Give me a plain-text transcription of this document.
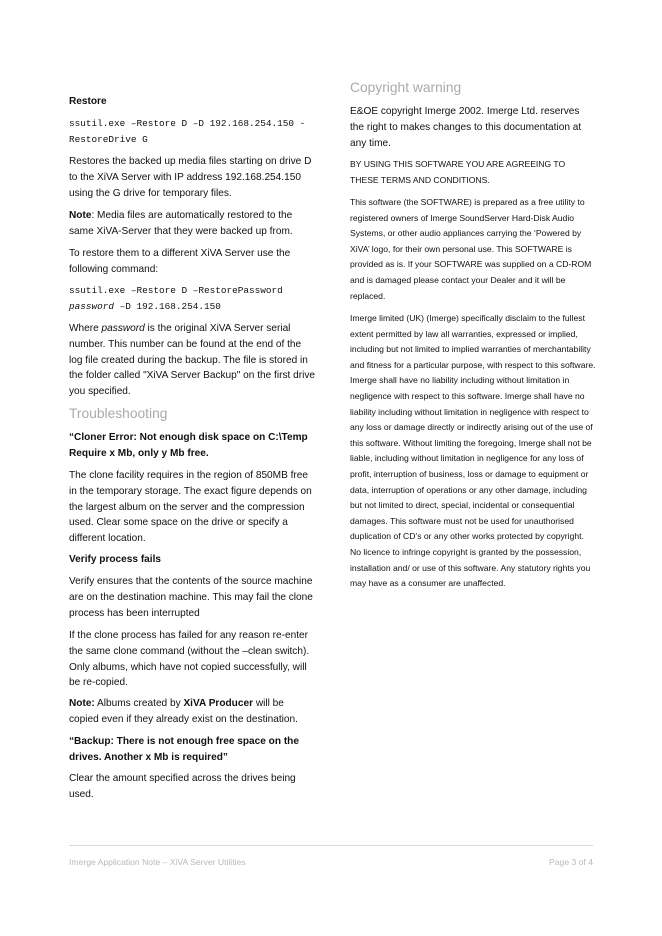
Restore
ssutil.exe –Restore D –D 192.168.254.150 -RestoreDrive G
Restores the backed up media files starting on drive D to the XiVA Server with IP address 192.168.254.150 using the G drive for temporary files.
Note: Media files are automatically restored to the same XiVA-Server that they were backed up from.
To restore them to a different XiVA Server use the following command:
ssutil.exe –Restore D –RestorePassword
password –D 192.168.254.150
Where password is the original XiVA Server serial number. This number can be found at the end of the log file created during the backup. The file is stored in the folder called "XiVA Server Backup" on the first drive you specified.
Troubleshooting
“Cloner Error: Not enough disk space on C:\Temp Require x Mb, only y Mb free.
The clone facility requires in the region of 850MB free in the temporary storage. The exact figure depends on the largest album on the server and the compression used. Clear some space on the drive or specify a different location.
Verify process fails
Verify ensures that the contents of the source machine are on the destination machine. This may fail the clone process has been interrupted
If the clone process has failed for any reason re-enter the same clone command (without the –clean switch). Only albums, which have not copied successfully, will be re-copied.
Note: Albums created by XiVA Producer will be copied even if they already exist on the destination.
“Backup: There is not enough free space on the drives. Another x Mb is required”
Clear the amount specified across the drives being used.
Copyright warning
E&OE copyright Imerge 2002. Imerge Ltd. reserves the right to makes changes to this documentation at any time.
BY USING THIS SOFTWARE YOU ARE AGREEING TO THESE TERMS AND CONDITIONS.
This software (the SOFTWARE) is prepared as a free utility to registered owners of Imerge SoundServer Hard-Disk Audio Systems, or other audio appliances carrying the ‘Powered by XiVA’ logo, for their own personal use. This SOFTWARE is provided as is. If your SOFTWARE was supplied on a CD-ROM and is damaged please contact your Dealer and it will be replaced.
Imerge limited (UK) (Imerge) specifically disclaim to the fullest extent permitted by law all warranties, expressed or implied, including but not limited to implied warranties of merchantability and fitness for a particular purpose, with respect to this software. Imerge shall have no liability including without limitation in negligence with respect to this software. Imerge shall have no liability including without limitation in negligence with respect to any loss or damage directly or indirectly arising out of the use of this software. Without limiting the foregoing, Imerge shall not be liable, including without limitation in negligence for any loss of profit, interruption of business, loss or damage to equipment or data, interruption of operations or any other damage, including but not limited to direct, special, incidental or consequential damages. This software must not be used for unauthorised duplication of CD’s or any other works protected by copyright. No licence to infringe copyright is granted by the possession, installation and/ or use of this software. Any statutory rights you may have as a consumer are unaffected.
Imerge Application Note – XiVA Server Utilities	Page 3 of 4
